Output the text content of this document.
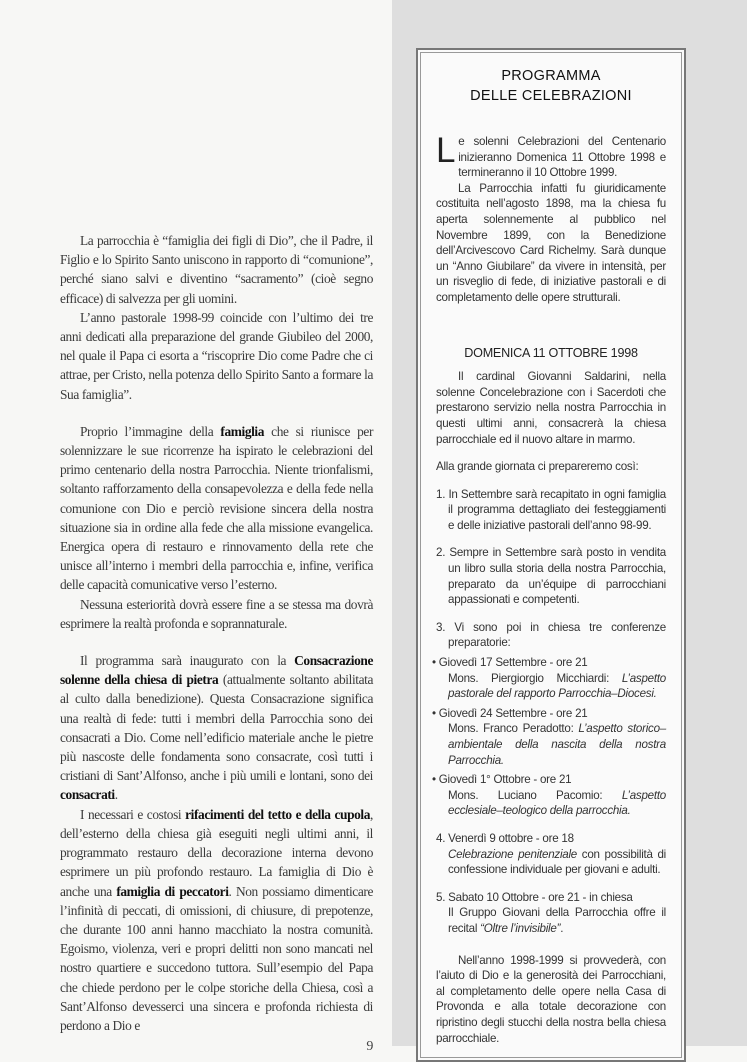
La parrocchia è “famiglia dei figli di Dio”, che il Padre, il Figlio e lo Spirito Santo uniscono in rapporto di “comunione”, perché siano salvi e diventino “sacramento” (cioè segno efficace) di salvezza per gli uomini.

L’anno pastorale 1998-99 coincide con l’ultimo dei tre anni dedicati alla preparazione del grande Giubileo del 2000, nel quale il Papa ci esorta a “riscoprire Dio come Padre che ci attrae, per Cristo, nella potenza dello Spirito Santo a formare la Sua famiglia”.

Proprio l’immagine della famiglia che si riunisce per solennizzare le sue ricorrenze ha ispirato le celebrazioni del primo centenario della nostra Parrocchia. Niente trionfalismi, soltanto rafforzamento della consapevolezza e della fede nella comunione con Dio e perciò revisione sincera della nostra situazione sia in ordine alla fede che alla missione evangelica. Energica opera di restauro e rinnovamento della rete che unisce all’interno i membri della parrocchia e, infine, verifica delle capacità comunicative verso l’esterno.

Nessuna esteriorità dovrà essere fine a se stessa ma dovrà esprimere la realtà profonda e soprannaturale.

Il programma sarà inaugurato con la Consacrazione solenne della chiesa di pietra (attualmente soltanto abilitata al culto dalla benedizione). Questa Consacrazione significa una realtà di fede: tutti i membri della Parrocchia sono dei consacrati a Dio. Come nell’edificio materiale anche le pietre più nascoste delle fondamenta sono consacrate, così tutti i cristiani di Sant’Alfonso, anche i più umili e lontani, sono dei consacrati.

I necessari e costosi rifacimenti del tetto e della cupola, dell’esterno della chiesa già eseguiti negli ultimi anni, il programmato restauro della decorazione interna devono esprimere un più profondo restauro. La famiglia di Dio è anche una famiglia di peccatori. Non possiamo dimenticare l’infinità di peccati, di omissioni, di chiusure, di prepotenze, che durante 100 anni hanno macchiato la nostra comunità. Egoismo, violenza, veri e propri delitti non sono mancati nel nostro quartiere e succedono tuttora. Sull’esempio del Papa che chiede perdono per le colpe storiche della Chiesa, così a Sant’Alfonso devesserci una sincera e profonda richiesta di perdono a Dio e

9
PROGRAMMA
DELLE CELEBRAZIONI

Le solenni Celebrazioni del Centenario inizieranno Domenica 11 Ottobre 1998 e termineranno il 10 Ottobre 1999.

La Parrocchia infatti fu giuridicamente costituita nell’agosto 1898, ma la chiesa fu aperta solennemente al pubblico nel Novembre 1899, con la Benedizione dell’Arcivescovo Card Richelmy. Sarà dunque un “Anno Giubilare” da vivere in intensità, per un risveglio di fede, di iniziative pastorali e di completamento delle opere strutturali.

DOMENICA 11 OTTOBRE 1998

Il cardinal Giovanni Saldarini, nella solenne Concelebrazione con i Sacerdoti che prestarono servizio nella nostra Parrocchia in questi ultimi anni, consacrerà la chiesa parrocchiale ed il nuovo altare in marmo.

Alla grande giornata ci prepareremo così:

1. In Settembre sarà recapitato in ogni famiglia il programma dettagliato dei festeggiamenti e delle iniziative pastorali dell’anno 98-99.

2. Sempre in Settembre sarà posto in vendita un libro sulla storia della nostra Parrocchia, preparato da un’équipe di parrocchiani appassionati e competenti.

3. Vi sono poi in chiesa tre conferenze preparatorie:

• Giovedì 17 Settembre - ore 21
Mons. Piergiorgio Micchiardi: L’aspetto pastorale del rapporto Parrocchia–Diocesi.

• Giovedì 24 Settembre - ore 21
Mons. Franco Peradotto: L’aspetto storico–ambientale della nascita della nostra Parrocchia.

• Giovedì 1° Ottobre - ore 21
Mons. Luciano Pacomio: L’aspetto ecclesiale–teologico della parrocchia.

4. Venerdì 9 ottobre - ore 18
Celebrazione penitenziale con possibilità di confessione individuale per giovani e adulti.

5. Sabato 10 Ottobre - ore 21 - in chiesa
Il Gruppo Giovani della Parrocchia offre il recital “Oltre l’invisibile”.

Nell’anno 1998-1999 si provvederà, con l’aiuto di Dio e la generosità dei Parrocchiani, al completamento delle opere nella Casa di Provonda e alla totale decorazione con ripristino degli stucchi della nostra bella chiesa parrocchiale.
